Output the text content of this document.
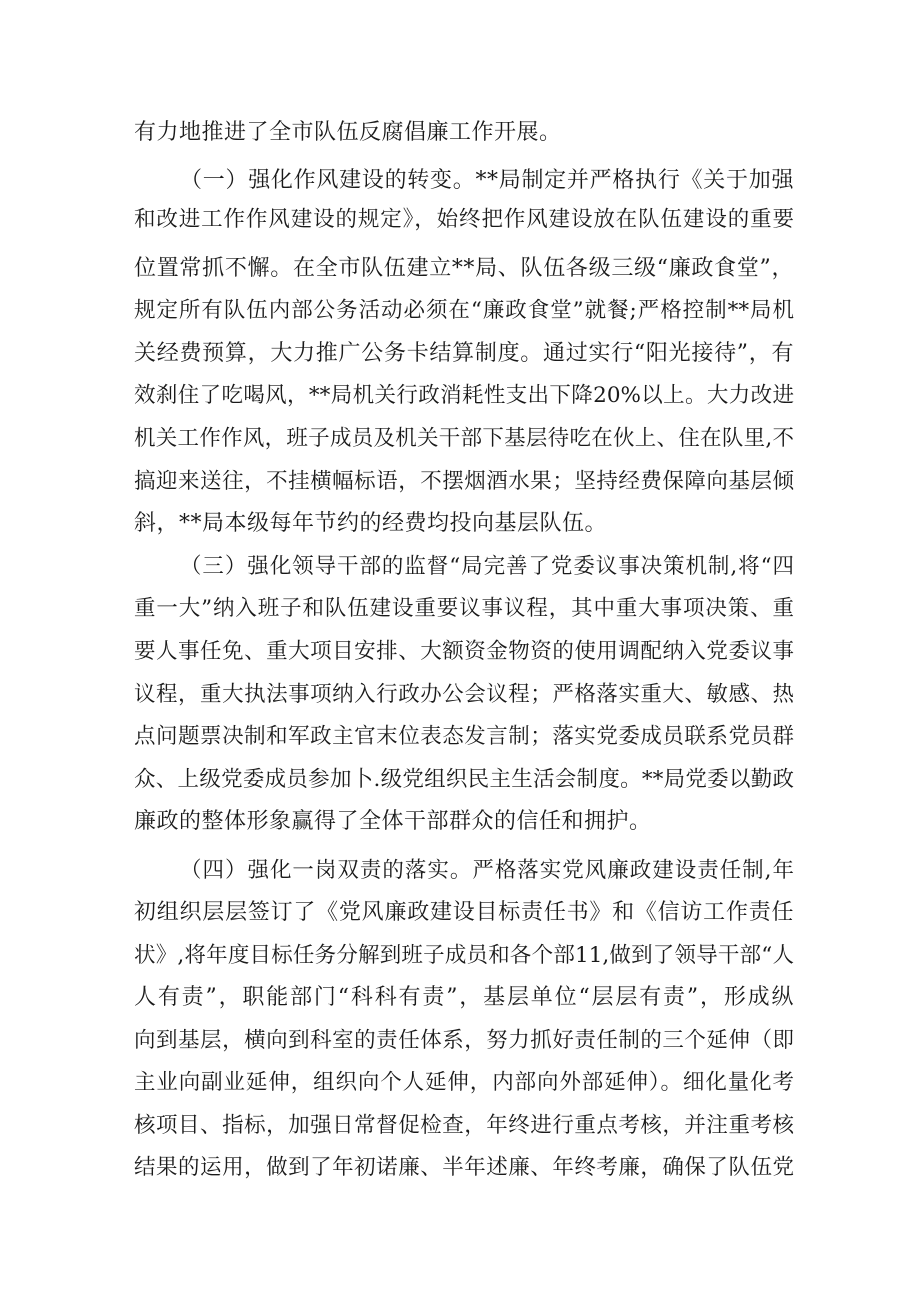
有力地推进了全市队伍反腐倡廉工作开展。

（一）强化作风建设的转变。**局制定并严格执行《关于加强

和改进工作作风建设的规定》，始终把作风建设放在队伍建设的重要

位置常抓不懈。在全市队伍建立**局、队伍各级三级“廉政食堂”，

规定所有队伍内部公务活动必须在“廉政食堂”就餐;严格控制**局机

关经费预算，大力推广公务卡结算制度。通过实行“阳光接待”，有

效刹住了吃喝风，**局机关行政消耗性支出下降20%以上。大力改进

机关工作作风，班子成员及机关干部下基层待吃在伙上、住在队里,不

搞迎来送往，不挂横幅标语，不摆烟酒水果；坚持经费保障向基层倾

斜，**局本级每年节约的经费均投向基层队伍。

（三）强化领导干部的监督“局完善了党委议事决策机制,将“四

重一大”纳入班子和队伍建设重要议事议程，其中重大事项决策、重

要人事任免、重大项目安排、大额资金物资的使用调配纳入党委议事

议程，重大执法事项纳入行政办公会议程；严格落实重大、敏感、热

点问题票决制和军政主官末位表态发言制；落实党委成员联系党员群

众、上级党委成员参加卜.级党组织民主生活会制度。**局党委以勤政

廉政的整体形象赢得了全体干部群众的信任和拥护。

（四）强化一岗双责的落实。严格落实党风廉政建设责任制,年

初组织层层签订了《党风廉政建设目标责任书》和《信访工作责任

状》,将年度目标任务分解到班子成员和各个部11,做到了领导干部“人

人有责”，职能部门“科科有责”，基层单位“层层有责”，形成纵

向到基层，横向到科室的责任体系，努力抓好责任制的三个延伸（即

主业向副业延伸，组织向个人延伸，内部向外部延伸）。细化量化考

核项目、指标，加强日常督促检查，年终进行重点考核，并注重考核

结果的运用，做到了年初诺廉、半年述廉、年终考廉，确保了队伍党
